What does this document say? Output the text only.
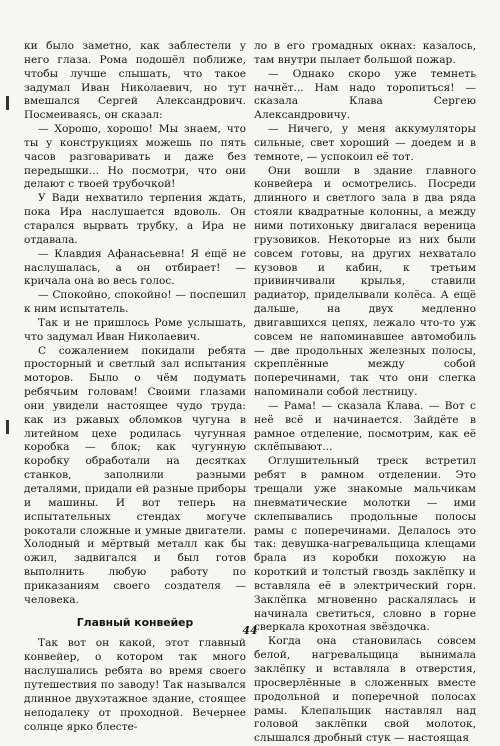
ки было заметно, как заблестели у него глаза. Рома подошёл поближе, чтобы лучше слышать, что такое задумал Иван Николаевич, но тут вмешался Сергей Александрович. Посмеиваясь, он сказал:

— Хорошо, хорошо! Мы знаем, что ты у конструкциях можешь по пять часов разговаривать и даже без передышки... Но посмотри, что они делают с твоей трубочкой!

У Вади нехватило терпения ждать, пока Ира наслушается вдоволь. Он старался вырвать трубку, а Ира не отдавала.

— Клавдия Афанасьевна! Я ещё не наслушалась, а он отбирает! — кричала она во весь голос.

— Спокойно, спокойно! — поспешил к ним испытатель.

Так и не пришлось Роме услышать, что задумал Иван Николаевич.

С сожалением покидали ребята просторный и светлый зал испытания моторов. Было о чём подумать ребячьим головам! Своими глазами они увидели настоящее чудо труда: как из ржавых обломков чугуна в литейном цехе родилась чугунная коробка — блок; как чугунную коробку обработали на десятках станков, заполнили разными деталями, придали ей разные приборы и машины. И вот теперь на испытательных стендах могуче рокотали сложные и умные двигатели. Холодный и мёртвый металл как бы ожил, задвигался и был готов выполнить любую работу по приказаниям своего создателя — человека.

Главный конвейер

Так вот он какой, этот главный конвейер, о котором так много наслушались ребята во время своего путешествия по заводу! Так назывался длинное двухэтажное здание, стоящее неподалеку от проходной. Вечернее солнце ярко блесте-

ло в его громадных окнах: казалось, там внутри пылает большой пожар.

— Однако скоро уже темнеть начнёт... Нам надо торопиться! — сказала Клава Сергею Александровичу.

— Ничего, у меня аккумуляторы сильные, свет хороший — доедем и в темноте, — успокоил её тот.

Они вошли в здание главного конвейера и осмотрелись. Посреди длинного и светлого зала в два ряда стояли квадратные колонны, а между ними потихоньку двигалася вереница грузовиков. Некоторые из них были совсем готовы, на других нехватало кузовов и кабин, к третьим привинчивали крылья, ставили радиатор, приделывали колёса. А ещё дальше, на двух медленно двигавшихся цепях, лежало что-то уж совсем не напоминавшее автомобиль — две продольных железных полосы, скреплённые между собой поперечинами, так что они слегка напоминали собой лестницу.

— Рама! — сказала Клава. — Вот с неё всё и начинается. Зайдёте в рамное отделение, посмотрим, как её склёпывают...

Оглушительный треск встретил ребят в рамном отделении. Это трещали уже знакомые мальчикам пневматические молотки — ими склепывались продольные полосы рамы с поперечинами. Делалось это так: девушка-нагревальщица клещами брала из коробки похожую на короткий и толстый гвоздь заклёпку и вставляла её в электрический горн. Заклёпка мгновенно раскалялась и начинала светиться, словно в горне сверкала крохотная звёздочка.

Когда она становилась совсем белой, нагревальщица вынимала заклёпку и вставляла в отверстия, просверлённые в сложенных вместе продольной и поперечной полосах рамы. Клепальщик наставлял над головой заклёпки свой молоток, слышался дробный стук — настоящая

44
